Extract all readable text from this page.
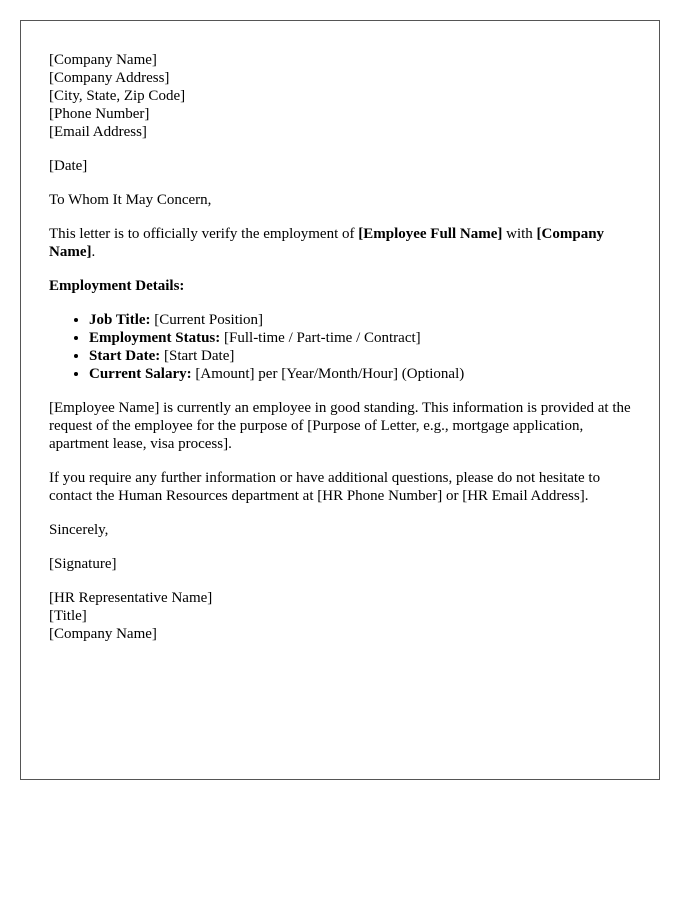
[Company Name]
[Company Address]
[City, State, Zip Code]
[Phone Number]
[Email Address]

[Date]

To Whom It May Concern,

This letter is to officially verify the employment of [Employee Full Name] with [Company Name].

Employment Details:

• Job Title: [Current Position]
• Employment Status: [Full-time / Part-time / Contract]
• Start Date: [Start Date]
• Current Salary: [Amount] per [Year/Month/Hour] (Optional)

[Employee Name] is currently an employee in good standing. This information is provided at the request of the employee for the purpose of [Purpose of Letter, e.g., mortgage application, apartment lease, visa process].

If you require any further information or have additional questions, please do not hesitate to contact the Human Resources department at [HR Phone Number] or [HR Email Address].

Sincerely,

[Signature]

[HR Representative Name]
[Title]
[Company Name]
